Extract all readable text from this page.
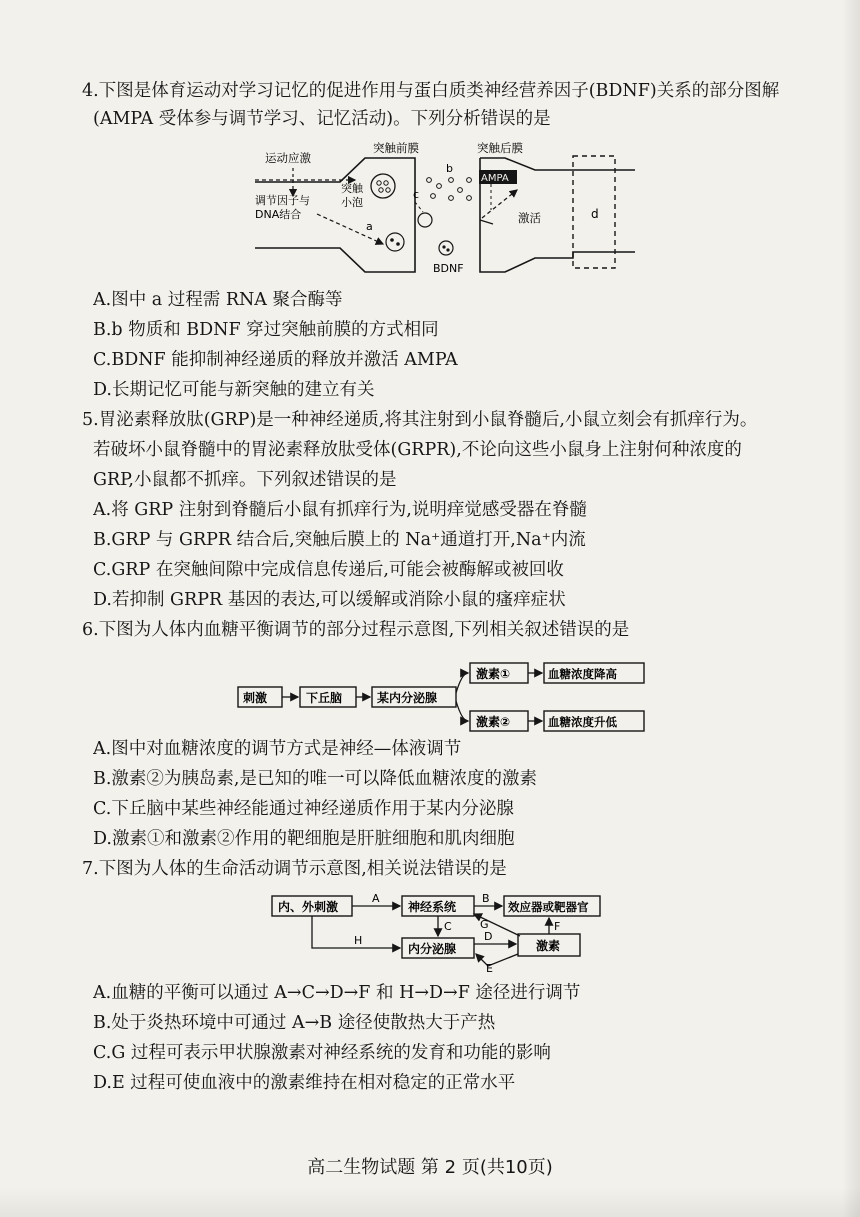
4.下图是体育运动对学习记忆的促进作用与蛋白质类神经营养因子(BDNF)关系的部分图解
(AMPA 受体参与调节学习、记忆活动)。下列分析错误的是
d
运动应激
突触前膜	突触后膜
调节因子与
DNA结合
突触
小泡
a
b
c
激活
BDNF
AMPA
A.图中 a 过程需 RNA 聚合酶等
B.b 物质和 BDNF 穿过突触前膜的方式相同
C.BDNF 能抑制神经递质的释放并激活 AMPA
D.长期记忆可能与新突触的建立有关
5.胃泌素释放肽(GRP)是一种神经递质,将其注射到小鼠脊髓后,小鼠立刻会有抓痒行为。
若破坏小鼠脊髓中的胃泌素释放肽受体(GRPR),不论向这些小鼠身上注射何种浓度的
GRP,小鼠都不抓痒。下列叙述错误的是
A.将 GRP 注射到脊髓后小鼠有抓痒行为,说明痒觉感受器在脊髓
B.GRP 与 GRPR 结合后,突触后膜上的 Na⁺通道打开,Na⁺内流
C.GRP 在突触间隙中完成信息传递后,可能会被酶解或被回收
D.若抑制 GRPR 基因的表达,可以缓解或消除小鼠的瘙痒症状
6.下图为人体内血糖平衡调节的部分过程示意图,下列相关叙述错误的是
刺激	下丘脑	某内分泌腺
激素①
激素②
血糖浓度降高
血糖浓度升低
A.图中对血糖浓度的调节方式是神经—体液调节
B.激素②为胰岛素,是已知的唯一可以降低血糖浓度的激素
C.下丘脑中某些神经能通过神经递质作用于某内分泌腺
D.激素①和激素②作用的靶细胞是肝脏细胞和肌肉细胞
7.下图为人体的生命活动调节示意图,相关说法错误的是
内、外刺激	神经系统	效应器或靶器官
内分泌腺	激素
A	B
C
H	D
E
G	F
A.血糖的平衡可以通过 A→C→D→F 和 H→D→F 途径进行调节
B.处于炎热环境中可通过 A→B 途径使散热大于产热
C.G 过程可表示甲状腺激素对神经系统的发育和功能的影响
D.E 过程可使血液中的激素维持在相对稳定的正常水平
高二生物试题 第 2 页(共10页)
